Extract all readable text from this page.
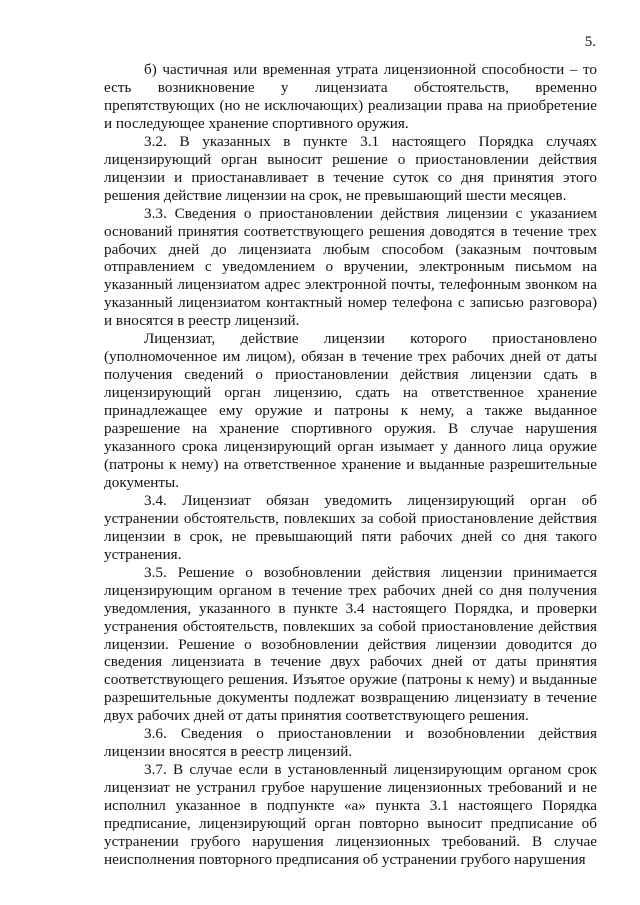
5.

б) частичная или временная утрата лицензионной способности – то есть возникновение у лицензиата обстоятельств, временно препятствующих (но не исключающих) реализации права на приобретение и последующее хранение спортивного оружия.

3.2. В указанных в пункте 3.1 настоящего Порядка случаях лицензирующий орган выносит решение о приостановлении действия лицензии и приостанавливает в течение суток со дня принятия этого решения действие лицензии на срок, не превышающий шести месяцев.

3.3. Сведения о приостановлении действия лицензии с указанием оснований принятия соответствующего решения доводятся в течение трех рабочих дней до лицензиата любым способом (заказным почтовым отправлением с уведомлением о вручении, электронным письмом на указанный лицензиатом адрес электронной почты, телефонным звонком на указанный лицензиатом контактный номер телефона с записью разговора) и вносятся в реестр лицензий.

Лицензиат, действие лицензии которого приостановлено (уполномоченное им лицом), обязан в течение трех рабочих дней от даты получения сведений о приостановлении действия лицензии сдать в лицензирующий орган лицензию, сдать на ответственное хранение принадлежащее ему оружие и патроны к нему, а также выданное разрешение на хранение спортивного оружия. В случае нарушения указанного срока лицензирующий орган изымает у данного лица оружие (патроны к нему) на ответственное хранение и выданные разрешительные документы.

3.4. Лицензиат обязан уведомить лицензирующий орган об устранении обстоятельств, повлекших за собой приостановление действия лицензии в срок, не превышающий пяти рабочих дней со дня такого устранения.

3.5. Решение о возобновлении действия лицензии принимается лицензирующим органом в течение трех рабочих дней со дня получения уведомления, указанного в пункте 3.4 настоящего Порядка, и проверки устранения обстоятельств, повлекших за собой приостановление действия лицензии. Решение о возобновлении действия лицензии доводится до сведения лицензиата в течение двух рабочих дней от даты принятия соответствующего решения. Изъятое оружие (патроны к нему) и выданные разрешительные документы подлежат возвращению лицензиату в течение двух рабочих дней от даты принятия соответствующего решения.

3.6. Сведения о приостановлении и возобновлении действия лицензии вносятся в реестр лицензий.

3.7. В случае если в установленный лицензирующим органом срок лицензиат не устранил грубое нарушение лицензионных требований и не исполнил указанное в подпункте «а» пункта 3.1 настоящего Порядка предписание, лицензирующий орган повторно выносит предписание об устранении грубого нарушения лицензионных требований. В случае неисполнения повторного предписания об устранении грубого нарушения
